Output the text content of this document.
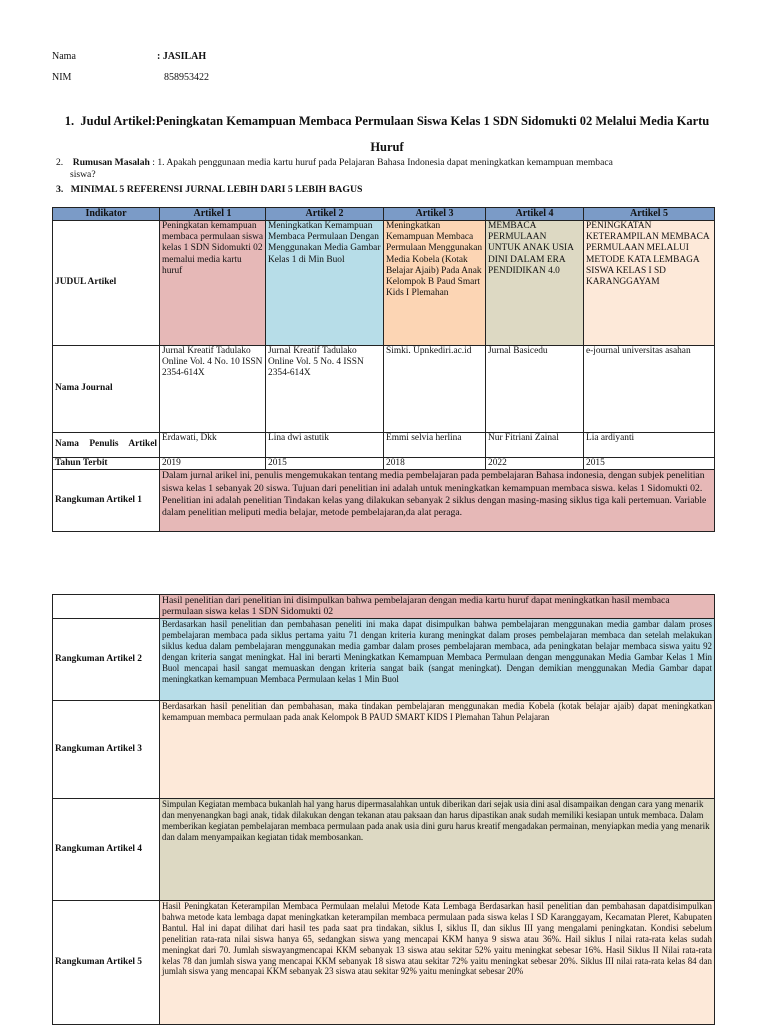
Nama	: JASILAH
NIM	858953422
1. Judul Artikel:Peningkatan Kemampuan Membaca Permulaan Siswa Kelas 1 SDN Sidomukti 02 Melalui Media Kartu
Huruf
2. Rumusan Masalah : 1. Apakah penggunaan media kartu huruf pada Pelajaran Bahasa Indonesia dapat meningkatkan kemampuan membaca
siswa?
3. MINIMAL 5 REFERENSI JURNAL LEBIH DARI 5 LEBIH BAGUS
Indikator	Artikel 1	Artikel 2	Artikel 3	Artikel 4	Artikel 5
JUDUL Artikel	Peningkatan kemampuan membaca permulaan siswa kelas 1 SDN Sidomukti 02 memalui media kartu huruf	Meningkatkan Kemampuan Membaca Permulaan Dengan Menggunakan Media Gambar Kelas 1 di Min Buol	Meningkatkan Kemampuan Membaca Permulaan Menggunakan Media Kobela (Kotak Belajar Ajaib) Pada Anak Kelompok B Paud Smart Kids I Plemahan	MEMBACA PERMULAAN UNTUK ANAK USIA DINI DALAM ERA PENDIDIKAN 4.0	PENINGKATAN KETERAMPILAN MEMBACA PERMULAAN MELALUI METODE KATA LEMBAGA SISWA KELAS I SD KARANGGAYAM
Nama Journal	Jurnal Kreatif Tadulako Online Vol. 4 No. 10 ISSN 2354-614X	Jurnal Kreatif Tadulako Online Vol. 5 No. 4 ISSN 2354-614X	Simki. Upnkediri.ac.id	Jurnal Basicedu	e-journal universitas asahan
Nama Penulis Artikel	Erdawati, Dkk	Lina dwi astutik	Emmi selvia herlina	Nur Fitriani Zainal	Lia ardiyanti
Tahun Terbit	2019	2015	2018	2022	2015
Rangkuman Artikel 1	Dalam jurnal arikel ini, penulis mengemukakan tentang media pembelajaran pada pembelajaran Bahasa indonesia, dengan subjek penelitian siswa kelas 1 sebanyak 20 siswa. Tujuan dari penelitian ini adalah untuk meningkatkan kemampuan membaca siswa. kelas 1 Sidomukti 02. Penelitian ini adalah penelitian Tindakan kelas yang dilakukan sebanyak 2 siklus dengan masing-masing siklus tiga kali pertemuan. Variable dalam penelitian meliputi media belajar, metode pembelajaran,da alat peraga.				
	Hasil penelitian dari penelitian ini disimpulkan bahwa pembelajaran dengan media kartu huruf dapat meningkatkan hasil membaca permulaan siswa kelas 1 SDN Sidomukti 02
Rangkuman Artikel 2	Berdasarkan hasil penelitian dan pembahasan peneliti ini maka dapat disimpulkan bahwa pembelajaran menggunakan media gambar dalam proses pembelajaran membaca pada siklus pertama yaitu 71 dengan kriteria kurang meningkat dalam proses pembelajaran membaca dan setelah melakukan siklus kedua dalam pembelajaran menggunakan media gambar dalam proses pembelajaran membaca, ada peningkatan belajar membaca siswa yaitu 92 dengan kriteria sangat meningkat. Hal ini berarti Meningkatkan Kemampuan Membaca Permulaan dengan menggunakan Media Gambar Kelas 1 Min Buol mencapai hasil sangat memuaskan dengan kriteria sangat baik (sangat meningkat). Dengan demikian menggunakan Media Gambar dapat meningkatkan kemampuan Membaca Permulaan kelas 1 Min Buol
Rangkuman Artikel 3	Berdasarkan hasil penelitian dan pembahasan, maka tindakan pembelajaran menggunakan media Kobela (kotak belajar ajaib) dapat meningkatkan kemampuan membaca permulaan pada anak Kelompok B PAUD SMART KIDS I Plemahan Tahun Pelajaran
Rangkuman Artikel 4	Simpulan Kegiatan membaca bukanlah hal yang harus dipermasalahkan untuk diberikan dari sejak usia dini asal disampaikan dengan cara yang menarik dan menyenangkan bagi anak, tidak dilakukan dengan tekanan atau paksaan dan harus dipastikan anak sudah memiliki kesiapan untuk membaca. Dalam memberikan kegiatan pembelajaran membaca permulaan pada anak usia dini guru harus kreatif mengadakan permainan, menyiapkan media yang menarik dan dalam menyampaikan kegiatan tidak membosankan.
Rangkuman Artikel 5	Hasil Peningkatan Keterampilan Membaca Permulaan melalui Metode Kata Lembaga Berdasarkan hasil penelitian dan pembahasan dapatdisimpulkan bahwa metode kata lembaga dapat meningkatkan keterampilan membaca permulaan pada siswa kelas I SD Karanggayam, Kecamatan Pleret, Kabupaten Bantul. Hal ini dapat dilihat dari hasil tes pada saat pra tindakan, siklus I, siklus II, dan siklus III yang mengalami peningkatan. Kondisi sebelum penelitian rata-rata nilai siswa hanya 65, sedangkan siswa yang mencapai KKM hanya 9 siswa atau 36%. Hail siklus I nilai rata-rata kelas sudah meningkat dari 70. Jumlah siswayangmencapai KKM sebanyak 13 siswa atau sekitar 52% yaitu meningkat sebesar 16%. Hasil Siklus II Nilai rata-rata kelas 78 dan jumlah siswa yang mencapai KKM sebanyak 18 siswa atau sekitar 72% yaitu meningkat sebesar 20%. Siklus III nilai rata-rata kelas 84 dan jumlah siswa yang mencapai KKM sebanyak 23 siswa atau sekitar 92% yaitu meningkat sebesar 20%
